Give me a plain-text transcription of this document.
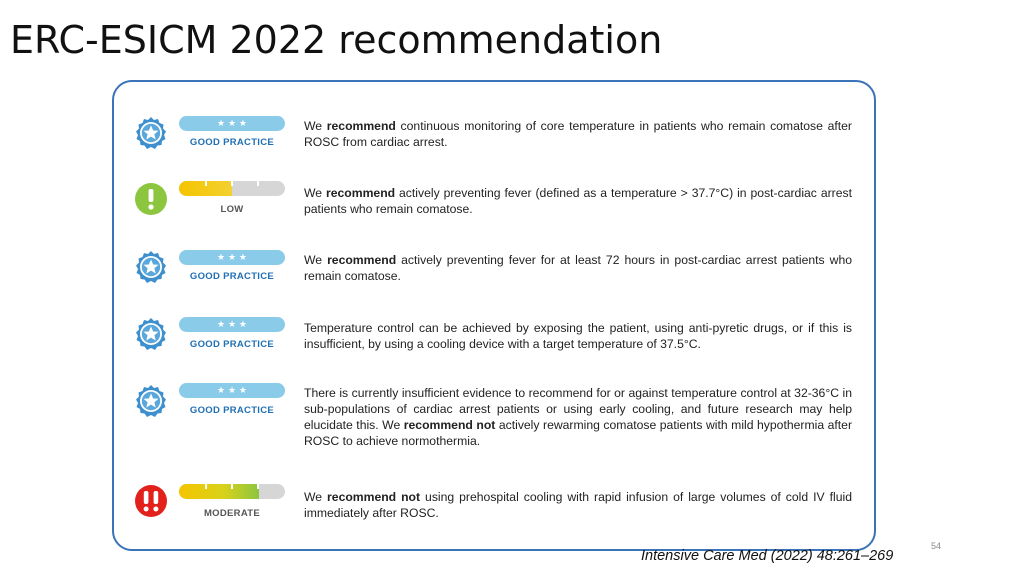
ERC-ESICM 2022 recommendation
★ ★ ★
GOOD PRACTICE
We recommend continuous monitoring of core temperature in patients who remain comatose after ROSC from cardiac arrest.
LOW
We recommend actively preventing fever (defined as a temperature > 37.7°C) in post-cardiac arrest patients who remain comatose.
★ ★ ★
GOOD PRACTICE
We recommend actively preventing fever for at least 72 hours in post-cardiac arrest patients who remain comatose.
★ ★ ★
GOOD PRACTICE
Temperature control can be achieved by exposing the patient, using anti-pyretic drugs, or if this is insufficient, by using a cooling device with a target temperature of 37.5°C.
★ ★ ★
GOOD PRACTICE
There is currently insufficient evidence to recommend for or against temperature control at 32-36°C in sub-populations of cardiac arrest patients or using early cooling, and future research may help elucidate this. We recommend not actively rewarming comatose patients with mild hypothermia after ROSC to achieve normothermia.
MODERATE
We recommend not using prehospital cooling with rapid infusion of large volumes of cold IV fluid immediately after ROSC.
Intensive Care Med (2022) 48:261–269
54
